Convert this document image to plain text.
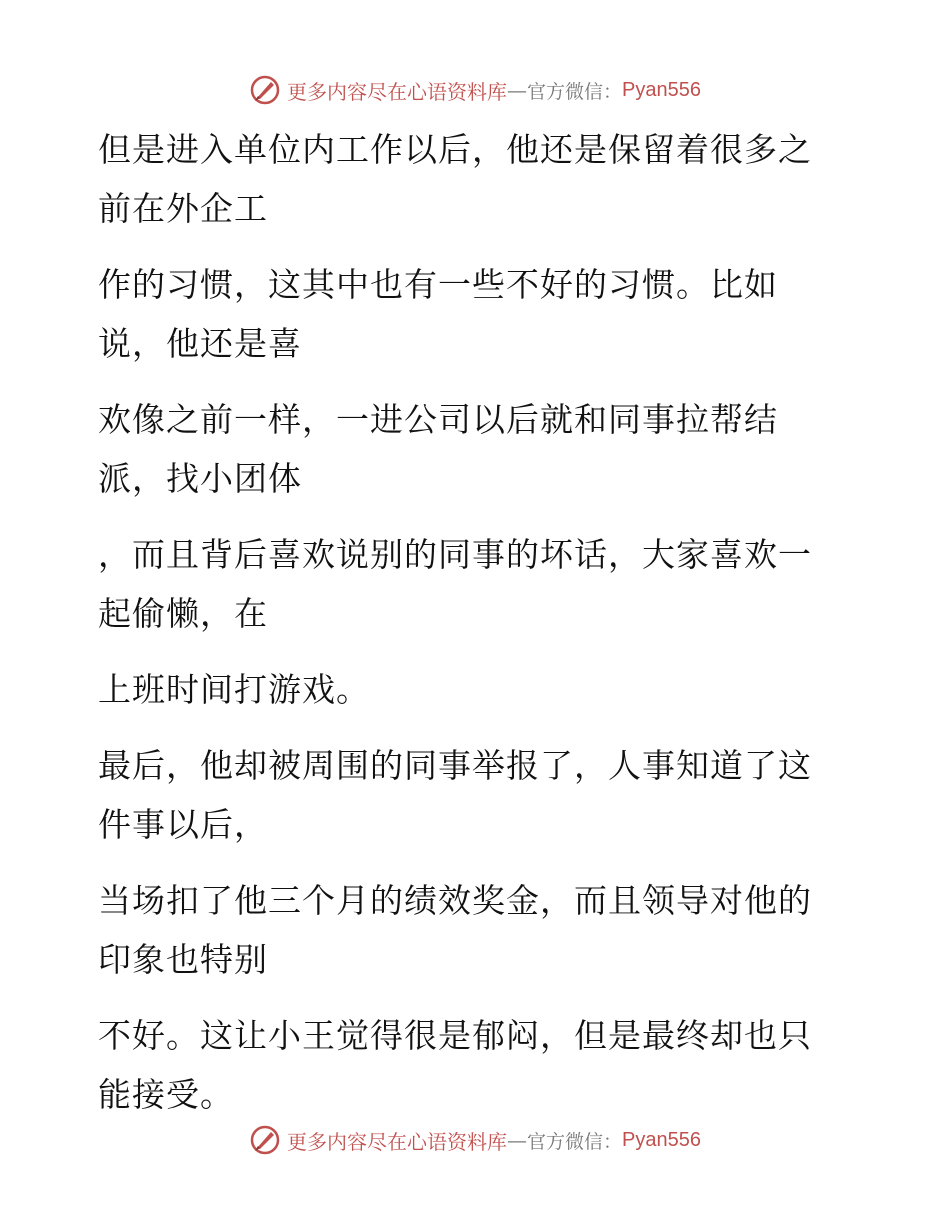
更多内容尽在心语资料库 — 官方微信： Pyan556

但是进入单位内工作以后，他还是保留着很多之
前在外企工

作的习惯，这其中也有一些不好的习惯。比如
说，他还是喜

欢像之前一样，一进公司以后就和同事拉帮结
派，找小团体

，而且背后喜欢说别的同事的坏话，大家喜欢一
起偷懒，在

上班时间打游戏。

最后，他却被周围的同事举报了，人事知道了这
件事以后，

当场扣了他三个月的绩效奖金，而且领导对他的
印象也特别

不好。这让小王觉得很是郁闷，但是最终却也只
能接受。

更多内容尽在心语资料库 — 官方微信： Pyan556
